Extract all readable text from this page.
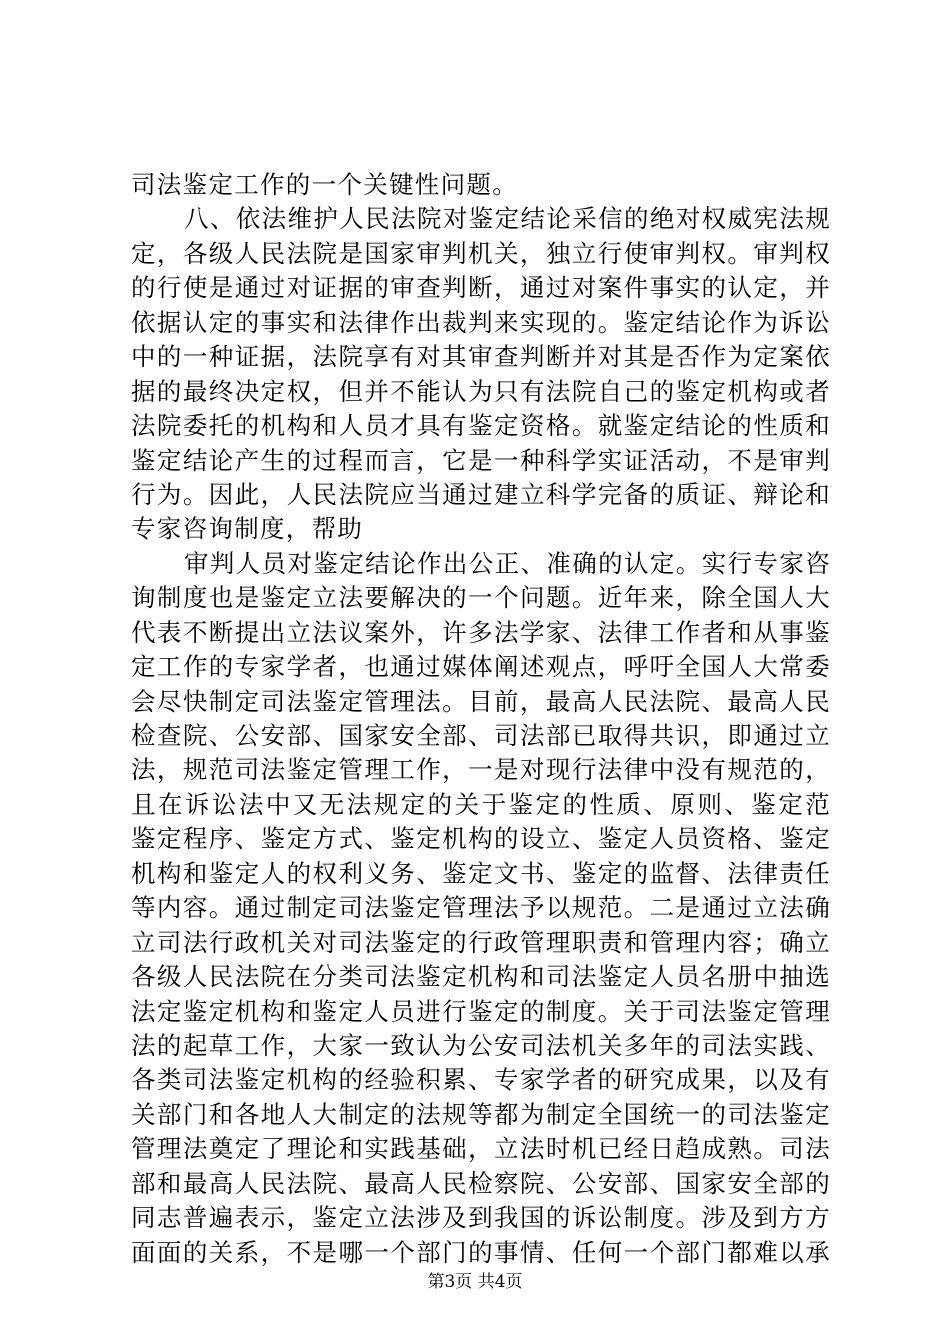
司法鉴定工作的一个关键性问题。
八、依法维护人民法院对鉴定结论采信的绝对权威宪法规
定，各级人民法院是国家审判机关，独立行使审判权。审判权
的行使是通过对证据的审查判断，通过对案件事实的认定，并
依据认定的事实和法律作出裁判来实现的。鉴定结论作为诉讼
中的一种证据，法院享有对其审查判断并对其是否作为定案依
据的最终决定权，但并不能认为只有法院自己的鉴定机构或者
法院委托的机构和人员才具有鉴定资格。就鉴定结论的性质和
鉴定结论产生的过程而言，它是一种科学实证活动，不是审判
行为。因此，人民法院应当通过建立科学完备的质证、辩论和
专家咨询制度，帮助
审判人员对鉴定结论作出公正、准确的认定。实行专家咨
询制度也是鉴定立法要解决的一个问题。近年来，除全国人大
代表不断提出立法议案外，许多法学家、法律工作者和从事鉴
定工作的专家学者，也通过媒体阐述观点，呼吁全国人大常委
会尽快制定司法鉴定管理法。目前，最高人民法院、最高人民
检查院、公安部、国家安全部、司法部已取得共识，即通过立
法，规范司法鉴定管理工作，一是对现行法律中没有规范的，
且在诉讼法中又无法规定的关于鉴定的性质、原则、鉴定范
鉴定程序、鉴定方式、鉴定机构的设立、鉴定人员资格、鉴定
机构和鉴定人的权利义务、鉴定文书、鉴定的监督、法律责任
等内容。通过制定司法鉴定管理法予以规范。二是通过立法确
立司法行政机关对司法鉴定的行政管理职责和管理内容；确立
各级人民法院在分类司法鉴定机构和司法鉴定人员名册中抽选
法定鉴定机构和鉴定人员进行鉴定的制度。关于司法鉴定管理
法的起草工作，大家一致认为公安司法机关多年的司法实践、
各类司法鉴定机构的经验积累、专家学者的研究成果，以及有
关部门和各地人大制定的法规等都为制定全国统一的司法鉴定
管理法奠定了理论和实践基础，立法时机已经日趋成熟。司法
部和最高人民法院、最高人民检察院、公安部、国家安全部的
同志普遍表示，鉴定立法涉及到我国的诉讼制度。涉及到方方
面面的关系，不是哪一个部门的事情、任何一个部门都难以承
第3页 共4页
